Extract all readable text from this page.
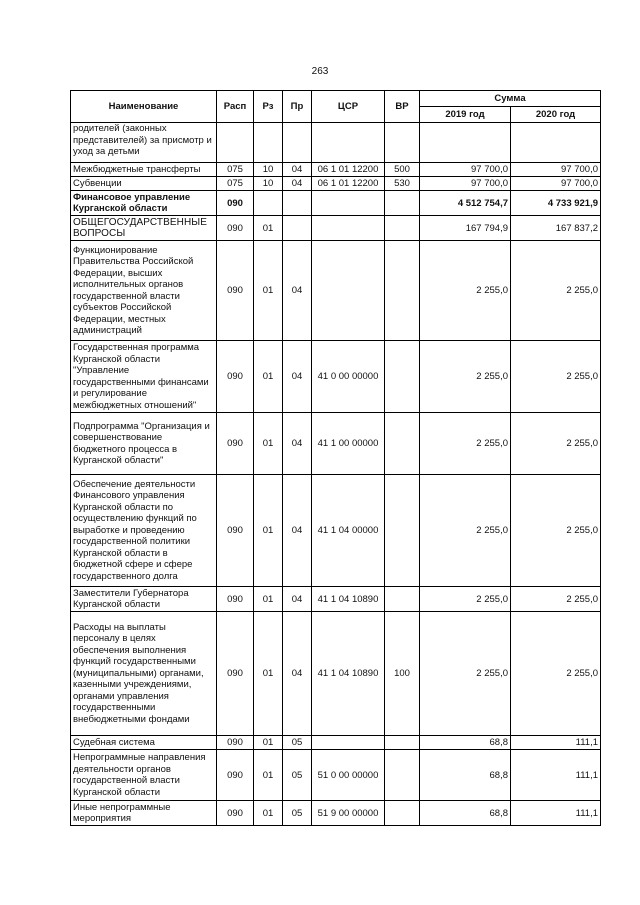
263
Наименование	Расп	Рз	Пр	ЦСР	ВР	Сумма	
						2019 год	2020 год
родителей (законных представителей) за присмотр и уход за детьми							
Межбюджетные трансферты	075	10	04	06 1 01 12200	500	97 700,0	97 700,0
Субвенции	075	10	04	06 1 01 12200	530	97 700,0	97 700,0
Финансовое управление Курганской области	090					4 512 754,7	4 733 921,9
ОБЩЕГОСУДАРСТВЕННЫЕ ВОПРОСЫ	090	01				167 794,9	167 837,2
Функционирование Правительства Российской Федерации, высших исполнительных органов государственной власти субъектов Российской Федерации, местных администраций	090	01	04			2 255,0	2 255,0
Государственная программа Курганской области "Управление государственными финансами и регулирование межбюджетных отношений"	090	01	04	41 0 00 00000		2 255,0	2 255,0
Подпрограмма "Организация и совершенствование бюджетного процесса в Курганской области"	090	01	04	41 1 00 00000		2 255,0	2 255,0
Обеспечение деятельности Финансового управления Курганской области по осуществлению функций по выработке и проведению государственной политики Курганской области в бюджетной сфере и сфере государственного долга	090	01	04	41 1 04 00000		2 255,0	2 255,0
Заместители Губернатора Курганской области	090	01	04	41 1 04 10890		2 255,0	2 255,0
Расходы на выплаты персоналу в целях обеспечения выполнения функций государственными (муниципальными) органами, казенными учреждениями, органами управления государственными внебюджетными фондами	090	01	04	41 1 04 10890	100	2 255,0	2 255,0
Судебная система	090	01	05			68,8	111,1
Непрограммные направления деятельности органов государственной власти Курганской области	090	01	05	51 0 00 00000		68,8	111,1
Иные непрограммные мероприятия	090	01	05	51 9 00 00000		68,8	111,1
